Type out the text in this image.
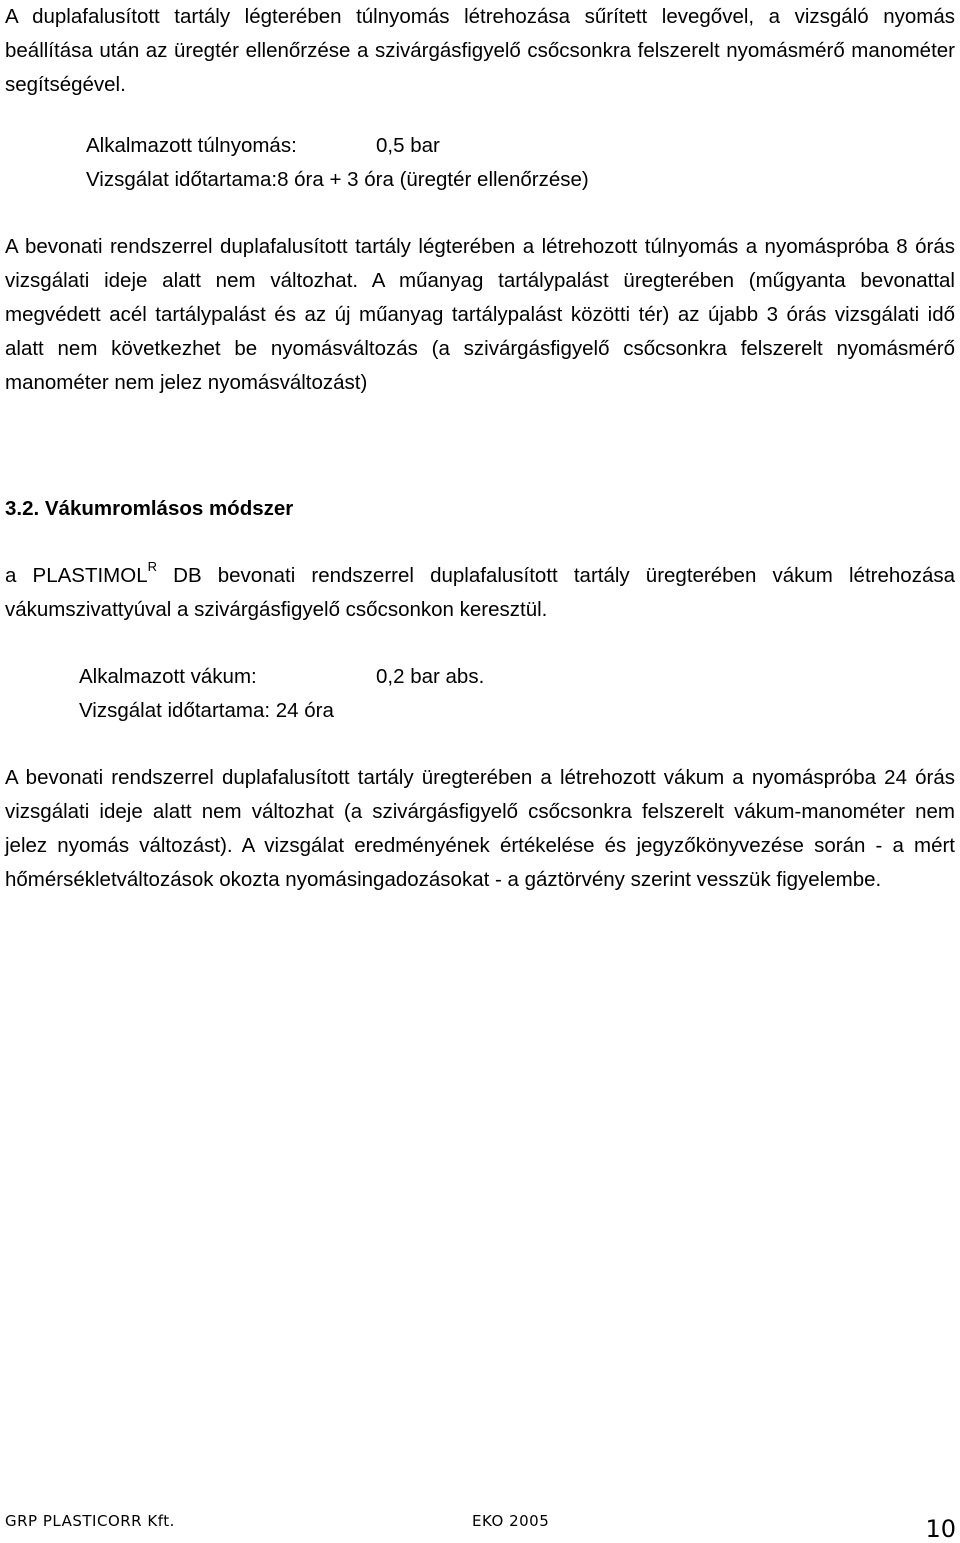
A duplafalusított tartály légterében túlnyomás létrehozása sűrített levegővel, a vizsgáló nyomás beállítása után az üregtér ellenőrzése a szivárgásfigyelő csőcsonkra felszerelt nyomásmérő manométer segítségével.

Alkalmazott túlnyomás:	0,5 bar

Vizsgálat időtartama:8 óra + 3 óra (üregtér ellenőrzése)

A bevonati rendszerrel duplafalusított tartály légterében a létrehozott túlnyomás a nyomáspróba 8 órás vizsgálati ideje alatt nem változhat. A műanyag tartálypalást üregterében (műgyanta bevonattal megvédett acél tartálypalást és az új műanyag tartálypalást közötti tér) az újabb 3 órás vizsgálati idő alatt nem következhet be nyomásváltozás (a szivárgásfigyelő csőcsonkra felszerelt nyomásmérő manométer nem jelez nyomásváltozást)

3.2. Vákumromlásos módszer

a $PLASTIMOL^R$ DB bevonati rendszerrel duplafalusított tartály üregterében vákum létrehozása vákumszivattyúval a szivárgásfigyelő csőcsonkon keresztül.

Alkalmazott vákum:	0,2 bar abs.

Vizsgálat időtartama: 24 óra

A bevonati rendszerrel duplafalusított tartály üregterében a létrehozott vákum a nyomáspróba 24 órás vizsgálati ideje alatt nem változhat (a szivárgásfigyelő csőcsonkra felszerelt vákum-manométer nem jelez nyomás változást). A vizsgálat eredményének értékelése és jegyzőkönyvezése során - a mért hőmérsékletváltozások okozta nyomásingadozásokat - a gáztörvény szerint vesszük figyelembe.

GRP PLASTICORR Kft.	EKO 2005	10
